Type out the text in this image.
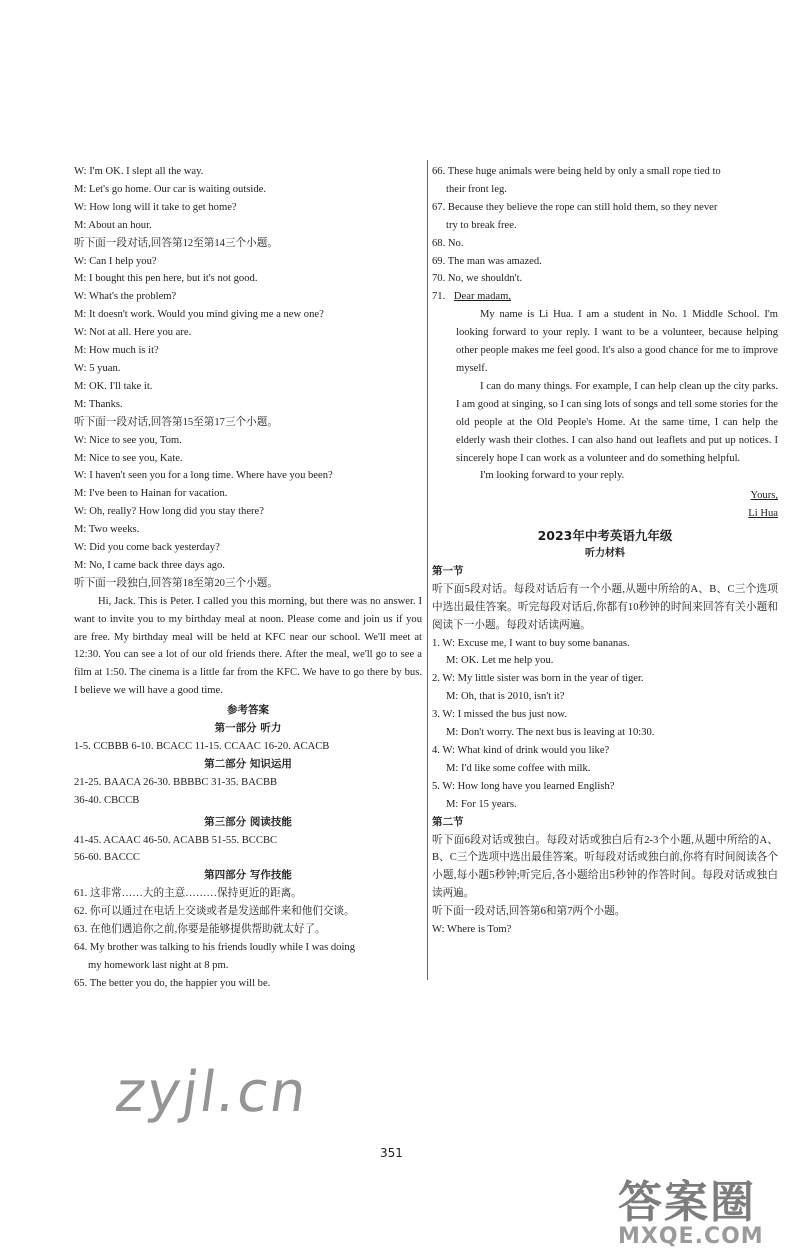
W: I'm OK. I slept all the way.
M: Let's go home. Our car is waiting outside.
W: How long will it take to get home?
M: About an hour.
听下面一段对话,回答第12至第14三个小题。
W: Can I help you?
M: I bought this pen here, but it's not good.
W: What's the problem?
M: It doesn't work. Would you mind giving me a new one?
W: Not at all. Here you are.
M: How much is it?
W: 5 yuan.
M: OK. I'll take it.
M: Thanks.
听下面一段对话,回答第15至第17三个小题。
W: Nice to see you, Tom.
M: Nice to see you, Kate.
W: I haven't seen you for a long time. Where have you been?
M: I've been to Hainan for vacation.
W: Oh, really? How long did you stay there?
M: Two weeks.
W: Did you come back yesterday?
M: No, I came back three days ago.
听下面一段独白,回答第18至第20三个小题。
Hi, Jack. This is Peter. I called you this morning, but there was no answer. I want to invite you to my birthday meal at noon. Please come and join us if you are free. My birthday meal will be held at KFC near our school. We'll meet at 12:30. You can see a lot of our old friends there. After the meal, we'll go to see a film at 1:50. The cinema is a little far from the KFC. We have to go there by bus. I believe we will have a good time.
参考答案
第一部分 听力
1-5. CCBBB 6-10. BCACC 11-15. CCAAC 16-20. ACACB
第二部分 知识运用
21-25. BAACA 26-30. BBBBC 31-35. BACBB
36-40. CBCCB
第三部分 阅读技能
41-45. ACAAC 46-50. ACABB 51-55. BCCBC
56-60. BACCC
第四部分 写作技能
61. 这非常……大的主意………保持更近的距离。
62. 你可以通过在电话上交谈或者是发送邮件来和他们交谈。
63. 在他们遇追你之前,你要是能够提供帮助就太好了。
64. My brother was talking to his friends loudly while I was doing
my homework last night at 8 pm.
65. The better you do, the happier you will be.
66. These huge animals were being held by only a small rope tied to
their front leg.
67. Because they believe the rope can still hold them, so they never
try to break free.
68. No.
69. The man was amazed.
70. No, we shouldn't.
71. Dear madam,
My name is Li Hua. I am a student in No. 1 Middle School. I'm looking forward to your reply. I want to be a volunteer, because helping other people makes me feel good. It's also a good chance for me to improve myself.
I can do many things. For example, I can help clean up the city parks. I am good at singing, so I can sing lots of songs and tell some stories for the old people at the Old People's Home. At the same time, I can help the elderly wash their clothes. I can also hand out leaflets and put up notices. I sincerely hope I can work as a volunteer and do something helpful.
I'm looking forward to your reply.
Yours,
Li Hua
2023年中考英语九年级
听力材料
第一节
听下面5段对话。每段对话后有一个小题,从题中所给的A、B、C三个选项中选出最佳答案。听完每段对话后,你都有10秒钟的时间来回答有关小题和阅读下一小题。每段对话读两遍。
1. W: Excuse me, I want to buy some bananas.
M: OK. Let me help you.
2. W: My little sister was born in the year of tiger.
M: Oh, that is 2010, isn't it?
3. W: I missed the bus just now.
M: Don't worry. The next bus is leaving at 10:30.
4. W: What kind of drink would you like?
M: I'd like some coffee with milk.
5. W: How long have you learned English?
M: For 15 years.
第二节
听下面6段对话或独白。每段对话或独白后有2-3个小题,从题中所给的A、B、C三个选项中选出最佳答案。听每段对话或独白前,你将有时间阅读各个小题,每小题5秒钟;听完后,各小题给出5秒钟的作答时间。每段对话或独白读两遍。
听下面一段对话,回答第6和第7两个小题。
W: Where is Tom?
zyjl.cn
351
答案圈
MXQE.COM
